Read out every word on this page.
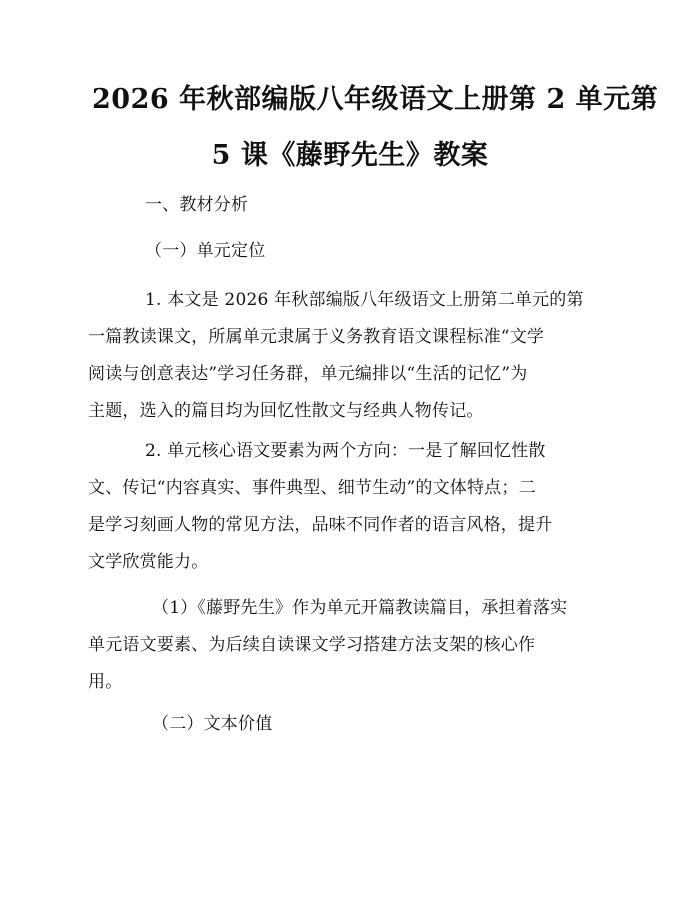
2026 年秋部编版八年级语文上册第 2 单元第
5 课《藤野先生》教案

一、教材分析

（一）单元定位

1. 本文是 2026 年秋部编版八年级语文上册第二单元的第
一篇教读课文，所属单元隶属于义务教育语文课程标准“文学
阅读与创意表达”学习任务群，单元编排以“生活的记忆”为
主题，选入的篇目均为回忆性散文与经典人物传记。
2. 单元核心语文要素为两个方向：一是了解回忆性散
文、传记“内容真实、事件典型、细节生动”的文体特点；二
是学习刻画人物的常见方法，品味不同作者的语言风格，提升
文学欣赏能力。
（1）《藤野先生》作为单元开篇教读篇目，承担着落实
单元语文要素、为后续自读课文学习搭建方法支架的核心作
用。

（二）文本价值
